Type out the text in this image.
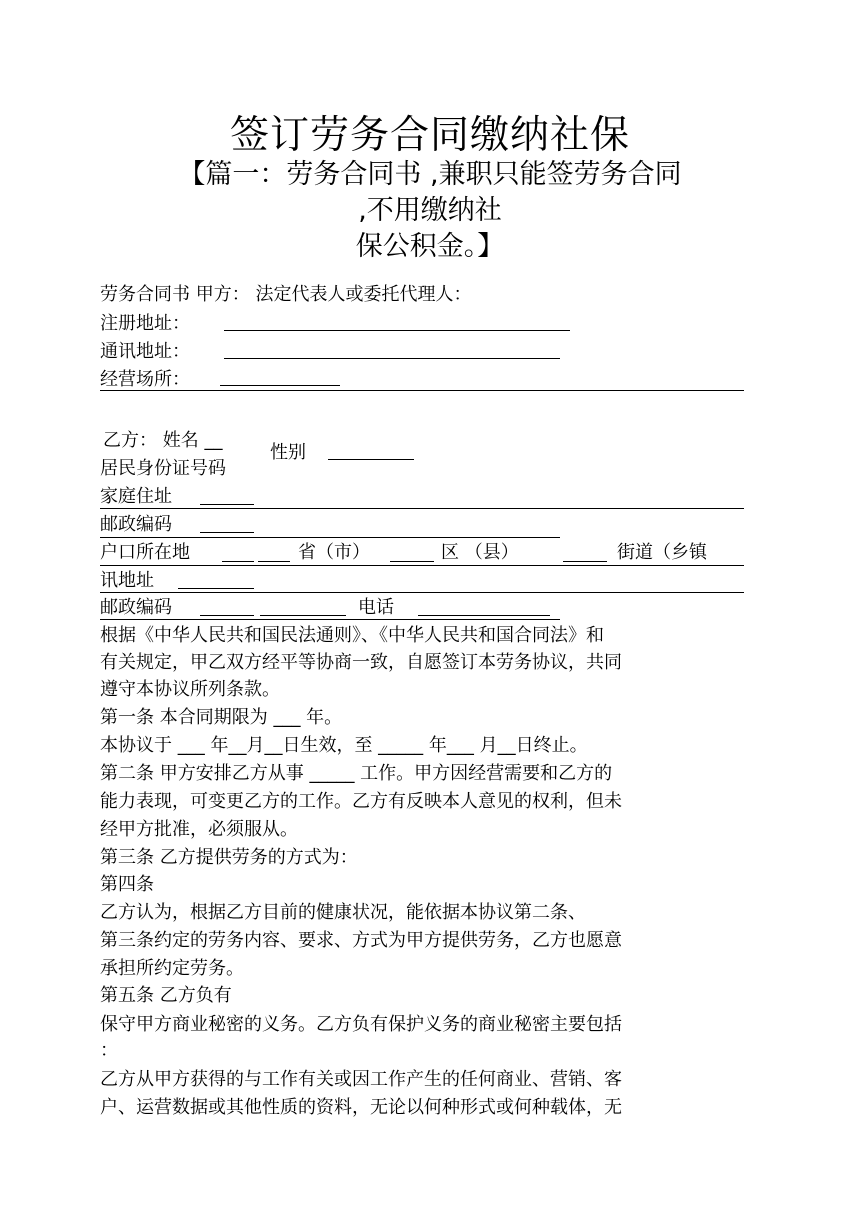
签订劳务合同缴纳社保
【篇一：劳务合同书 ,兼职只能签劳务合同
,不用缴纳社
保公积金。】
劳务合同书 甲方： 法定代表人或委托代理人：
注册地址：
通讯地址：
经营场所：
乙方： 姓名 __
性别
居民身份证号码
家庭住址
邮政编码
户口所在地	省（市）	区 （县）	街道（乡镇
讯地址
邮政编码	电话
根据《中华人民共和国民法通则》、《中华人民共和国合同法》和
有关规定，甲乙双方经平等协商一致，自愿签订本劳务协议，共同
遵守本协议所列条款。
第一条 本合同期限为 ___ 年。
本协议于 ___ 年__月__日生效，至 _____ 年___ 月__日终止。
第二条 甲方安排乙方从事 _____ 工作。甲方因经营需要和乙方的
能力表现，可变更乙方的工作。乙方有反映本人意见的权利，但未
经甲方批准，必须服从。
第三条 乙方提供劳务的方式为：
第四条
乙方认为，根据乙方目前的健康状况，能依据本协议第二条、
第三条约定的劳务内容、要求、方式为甲方提供劳务，乙方也愿意
承担所约定劳务。
第五条 乙方负有
保守甲方商业秘密的义务。乙方负有保护义务的商业秘密主要包括
：
乙方从甲方获得的与工作有关或因工作产生的任何商业、营销、客
户、运营数据或其他性质的资料，无论以何种形式或何种载体，无
